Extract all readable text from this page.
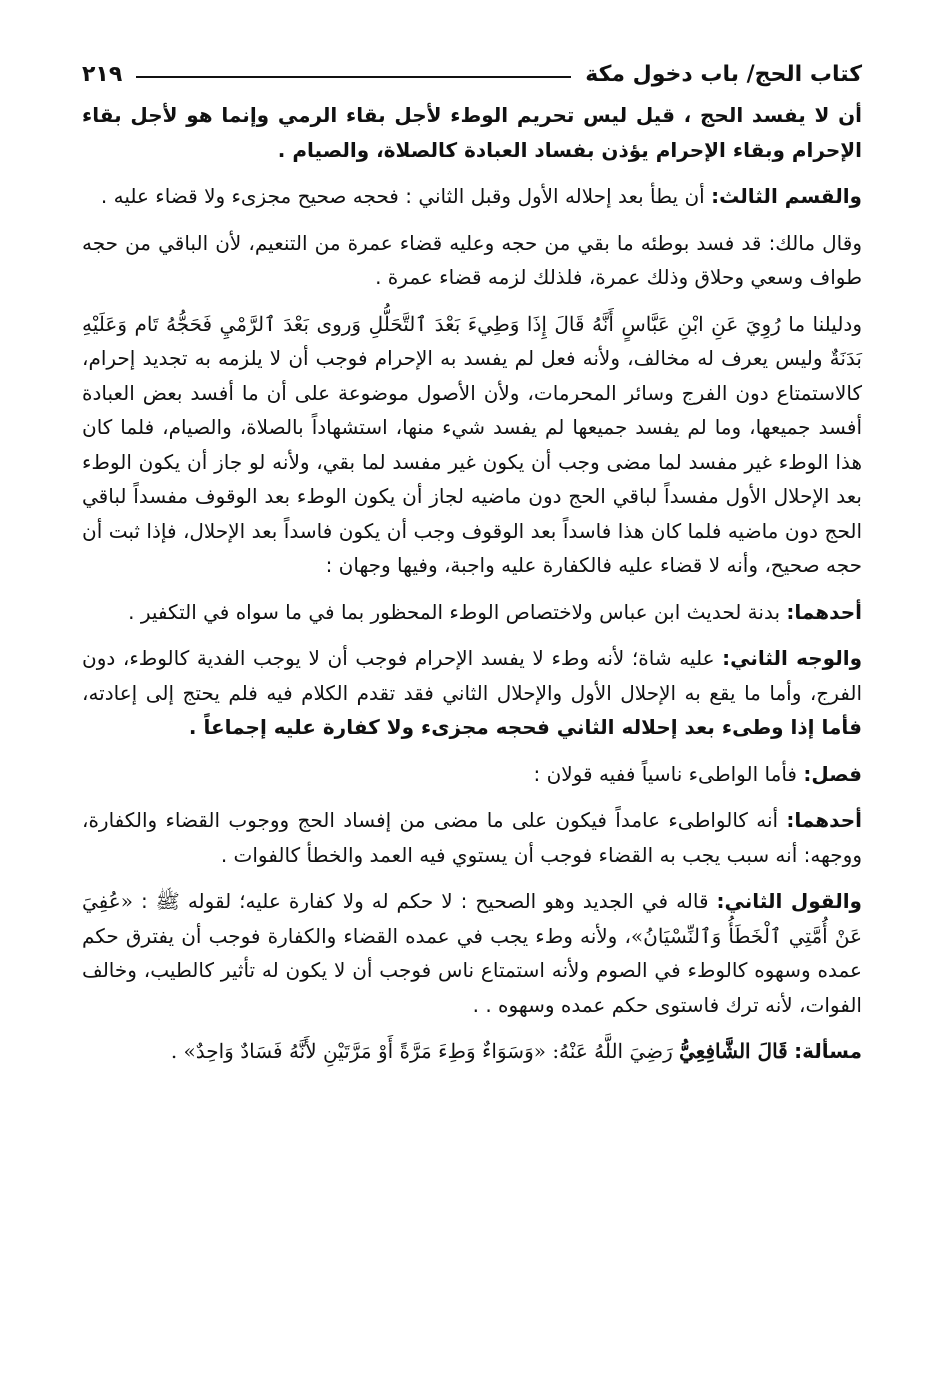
كتاب الحج/ باب دخول مكة
٢١٩

أن لا يفسد الحج ، قيل ليس تحريم الوطء لأجل بقاء الرمي وإنما هو لأجل بقاء الإحرام وبقاء الإحرام يؤذن بفساد العبادة كالصلاة، والصيام .

والقسم الثالث: أن يطأ بعد إحلاله الأول وقبل الثاني : فحجه صحيح مجزىء ولا قضاء عليه .

وقال مالك: قد فسد بوطئه ما بقي من حجه وعليه قضاء عمرة من التنعيم، لأن الباقي من حجه طواف وسعي وحلاق وذلك عمرة، فلذلك لزمه قضاء عمرة .

ودليلنا ما رُوِيَ عَنِ ابْنِ عَبَّاسٍ أَنَّهُ قَالَ إِذَا وَطِيءَ بَعْدَ ٱلتَّحَلُّلِ وَروى بَعْدَ ٱلرَّمْيِ فَحَجُّهُ تَام وَعَلَيْهِ بَدَنَةٌ وليس يعرف له مخالف، ولأنه فعل لم يفسد به الإحرام فوجب أن لا يلزمه به تجديد إحرام، كالاستمتاع دون الفرج وسائر المحرمات، ولأن الأصول موضوعة على أن ما أفسد بعض العبادة أفسد جميعها، وما لم يفسد جميعها لم يفسد شيء منها، استشهاداً بالصلاة، والصيام، فلما كان هذا الوطء غير مفسد لما مضى وجب أن يكون غير مفسد لما بقي، ولأنه لو جاز أن يكون الوطء بعد الإحلال الأول مفسداً لباقي الحج دون ماضيه لجاز أن يكون الوطء بعد الوقوف مفسداً لباقي الحج دون ماضيه فلما كان هذا فاسداً بعد الوقوف وجب أن يكون فاسداً بعد الإحلال، فإذا ثبت أن حجه صحيح، وأنه لا قضاء عليه فالكفارة عليه واجبة، وفيها وجهان :

أحدهما: بدنة لحديث ابن عباس ولاختصاص الوطء المحظور بما في ما سواه في التكفير .

والوجه الثاني: عليه شاة؛ لأنه وطء لا يفسد الإحرام فوجب أن لا يوجب الفدية كالوطء، دون الفرج، وأما ما يقع به الإحلال الأول والإحلال الثاني فقد تقدم الكلام فيه فلم يحتج إلى إعادته، فأما إذا وطىء بعد إحلاله الثاني فحجه مجزىء ولا كفارة عليه إجماعاً .

فصل: فأما الواطىء ناسياً ففيه قولان :

أحدهما: أنه كالواطىء عامداً فيكون على ما مضى من إفساد الحج ووجوب القضاء والكفارة، ووجهه: أنه سبب يجب به القضاء فوجب أن يستوي فيه العمد والخطأ كالفوات .

والقول الثاني: قاله في الجديد وهو الصحيح : لا حكم له ولا كفارة عليه؛ لقوله ﷺ : «عُفِيَ عَنْ أُمَّتِي ٱلْخَطَأُ وَٱلنِّسْيَانُ»، ولأنه وطء يجب في عمده القضاء والكفارة فوجب أن يفترق حكم عمده وسهوه كالوطء في الصوم ولأنه استمتاع ناس فوجب أن لا يكون له تأثير كالطيب، وخالف الفوات، لأنه ترك فاستوى حكم عمده وسهوه . .

مسألة: قَالَ الشَّافِعِيُّ رَضِيَ اللَّهُ عَنْهُ: «وَسَوَاءٌ وَطِءَ مَرَّةً أَوْ مَرَّتَيْنِ لأَنَّهُ فَسَادٌ وَاحِدٌ» .
